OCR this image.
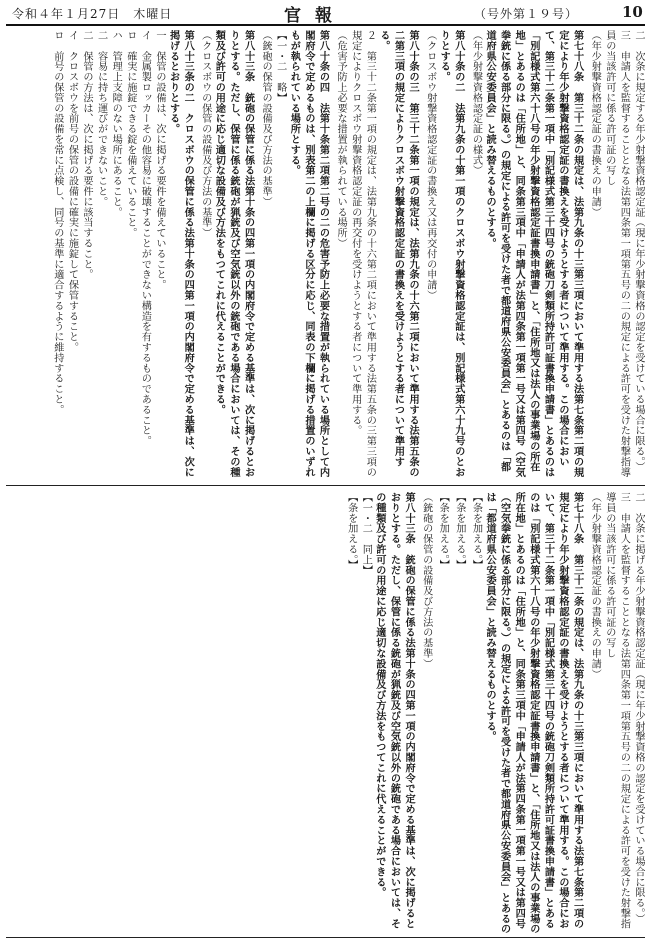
令和４年１月27日　木曜日	官報	（号外第１９号）	10

二　次条に規定する年少射撃資格認定証（現に年少射撃資格の認定を受けている場合に限る。）

三　申請人を監督することとなる法第四条第一項第五号の二の規定による許可を受けた射撃指導員の当該許可に係る許可証の写し

（年少射撃資格認定証の書換えの申請）

第七十八条　第三十二条の規定は、法第九条の十三第三項において準用する法第七条第二項の規定により年少射撃資格認定証の書換えを受けようとする者について準用する。この場合において、第三十二条第一項中「別記様式第三十四号の銃砲刀剣類所持許可証書換申請書」とあるのは「別記様式第六十八号の年少射撃資格認定証書換申請書」と、「住所地又は法人の事業場の所在地」とあるのは「住所地」と、同条第三項中「申請人が法第四条第一項第一号又は第四号（空気拳銃に係る部分に限る。）の規定による許可を受けた者で都道府県公安委員会」とあるのは「都道府県公安委員会」と読み替えるものとする。

（年少射撃資格認定証の様式）

第八十条の二　法第九条の十第一項のクロスボウ射撃資格認定証は、別記様式第六十九号のとおりとする。

（クロスボウ射撃資格認定証の書換え又は再交付の申請）

第八十条の三　第三十二条第一項の規定は、法第九条の十六第二項において準用する法第五条の二第三項の規定によりクロスボウ射撃資格認定証の書換えを受けようとする者について準用する。

２　第三十二条第一項の規定は、法第九条の十六第二項において準用する法第五条の三第三項の規定によりクロスボウ射撃資格認定証の再交付を受けようとする者について準用する。

（危害予防上必要な措置が執られている場所）

第八十条の四　法第十条第二項第二号の二の危害予防上必要な措置が執られている場所として内閣府令で定めるものは、別表第二の上欄に掲げる区分に応じ、同表の下欄に掲げる措置のいずれもが執られている場所とする。

【一・二　略】

（銃砲の保管の設備及び方法の基準）

第八十三条　銃砲の保管に係る法第十条の四第一項の内閣府令で定める基準は、次に掲げるとおりとする。ただし、保管に係る銃砲が猟銃及び空気銃以外の銃砲である場合においては、その種類及び許可の用途に応じ適切な設備及び方法をもつてこれに代えることができる。

（クロスボウの保管の設備及び方法の基準）

第八十三条の二　クロスボウの保管に係る法第十条の四第一項の内閣府令で定める基準は、次に掲げるとおりとする。

一　保管の設備は、次に掲げる要件を備えていること。

イ　金属製ロッカーその他容易に破壊することができない構造を有するものであること。

ロ　確実に施錠できる錠を備えていること。

ハ　管理上支障のない場所にあること。

二　容易に持ち運びができないこと。

二　保管の方法は、次に掲げる要件に該当すること。

イ　クロスボウを前号の保管の設備に確実に施錠して保管すること。

ロ　前号の保管の設備を常に点検し、同号の基準に適合するように維持すること。

二　次条に掲げる年少射撃資格認定証（現に年少射撃資格の認定を受けている場合に限る。）

三　申請人を監督することとなる法第四条第一項第五号の二の規定による許可を受けた射撃指導員の当該許可に係る許可証の写し

（年少射撃資格認定証の書換えの申請）

第七十八条　第三十二条の規定は、法第九条の十三第三項において準用する法第七条第二項の規定により年少射撃資格認定証の書換えを受けようとする者について準用する。この場合において、第三十二条第一項中「別記様式第三十四号の銃砲刀剣類所持許可証書換申請書」とあるのは「別記様式第六十八号の年少射撃資格認定証書換申請書」と、「住所地又は法人の事業場の所在地」とあるのは「住所地」と、同条第三項中「申請人が法第四条第一項第一号又は第四号（空気拳銃に係る部分に限る。）の規定による許可を受けた者で都道府県公安委員会」とあるのは「都道府県公安委員会」と読み替えるものとする。

【条を加える。】

【条を加える。】

【条を加える。】

（銃砲の保管の設備及び方法の基準）

第八十三条　銃砲の保管に係る法第十条の四第一項の内閣府令で定める基準は、次に掲げるとおりとする。ただし、保管に係る銃砲が猟銃及び空気銃以外の銃砲である場合においては、その種類及び許可の用途に応じ適切な設備及び方法をもつてこれに代えることができる。

【一・二　同上】

【条を加える。】
